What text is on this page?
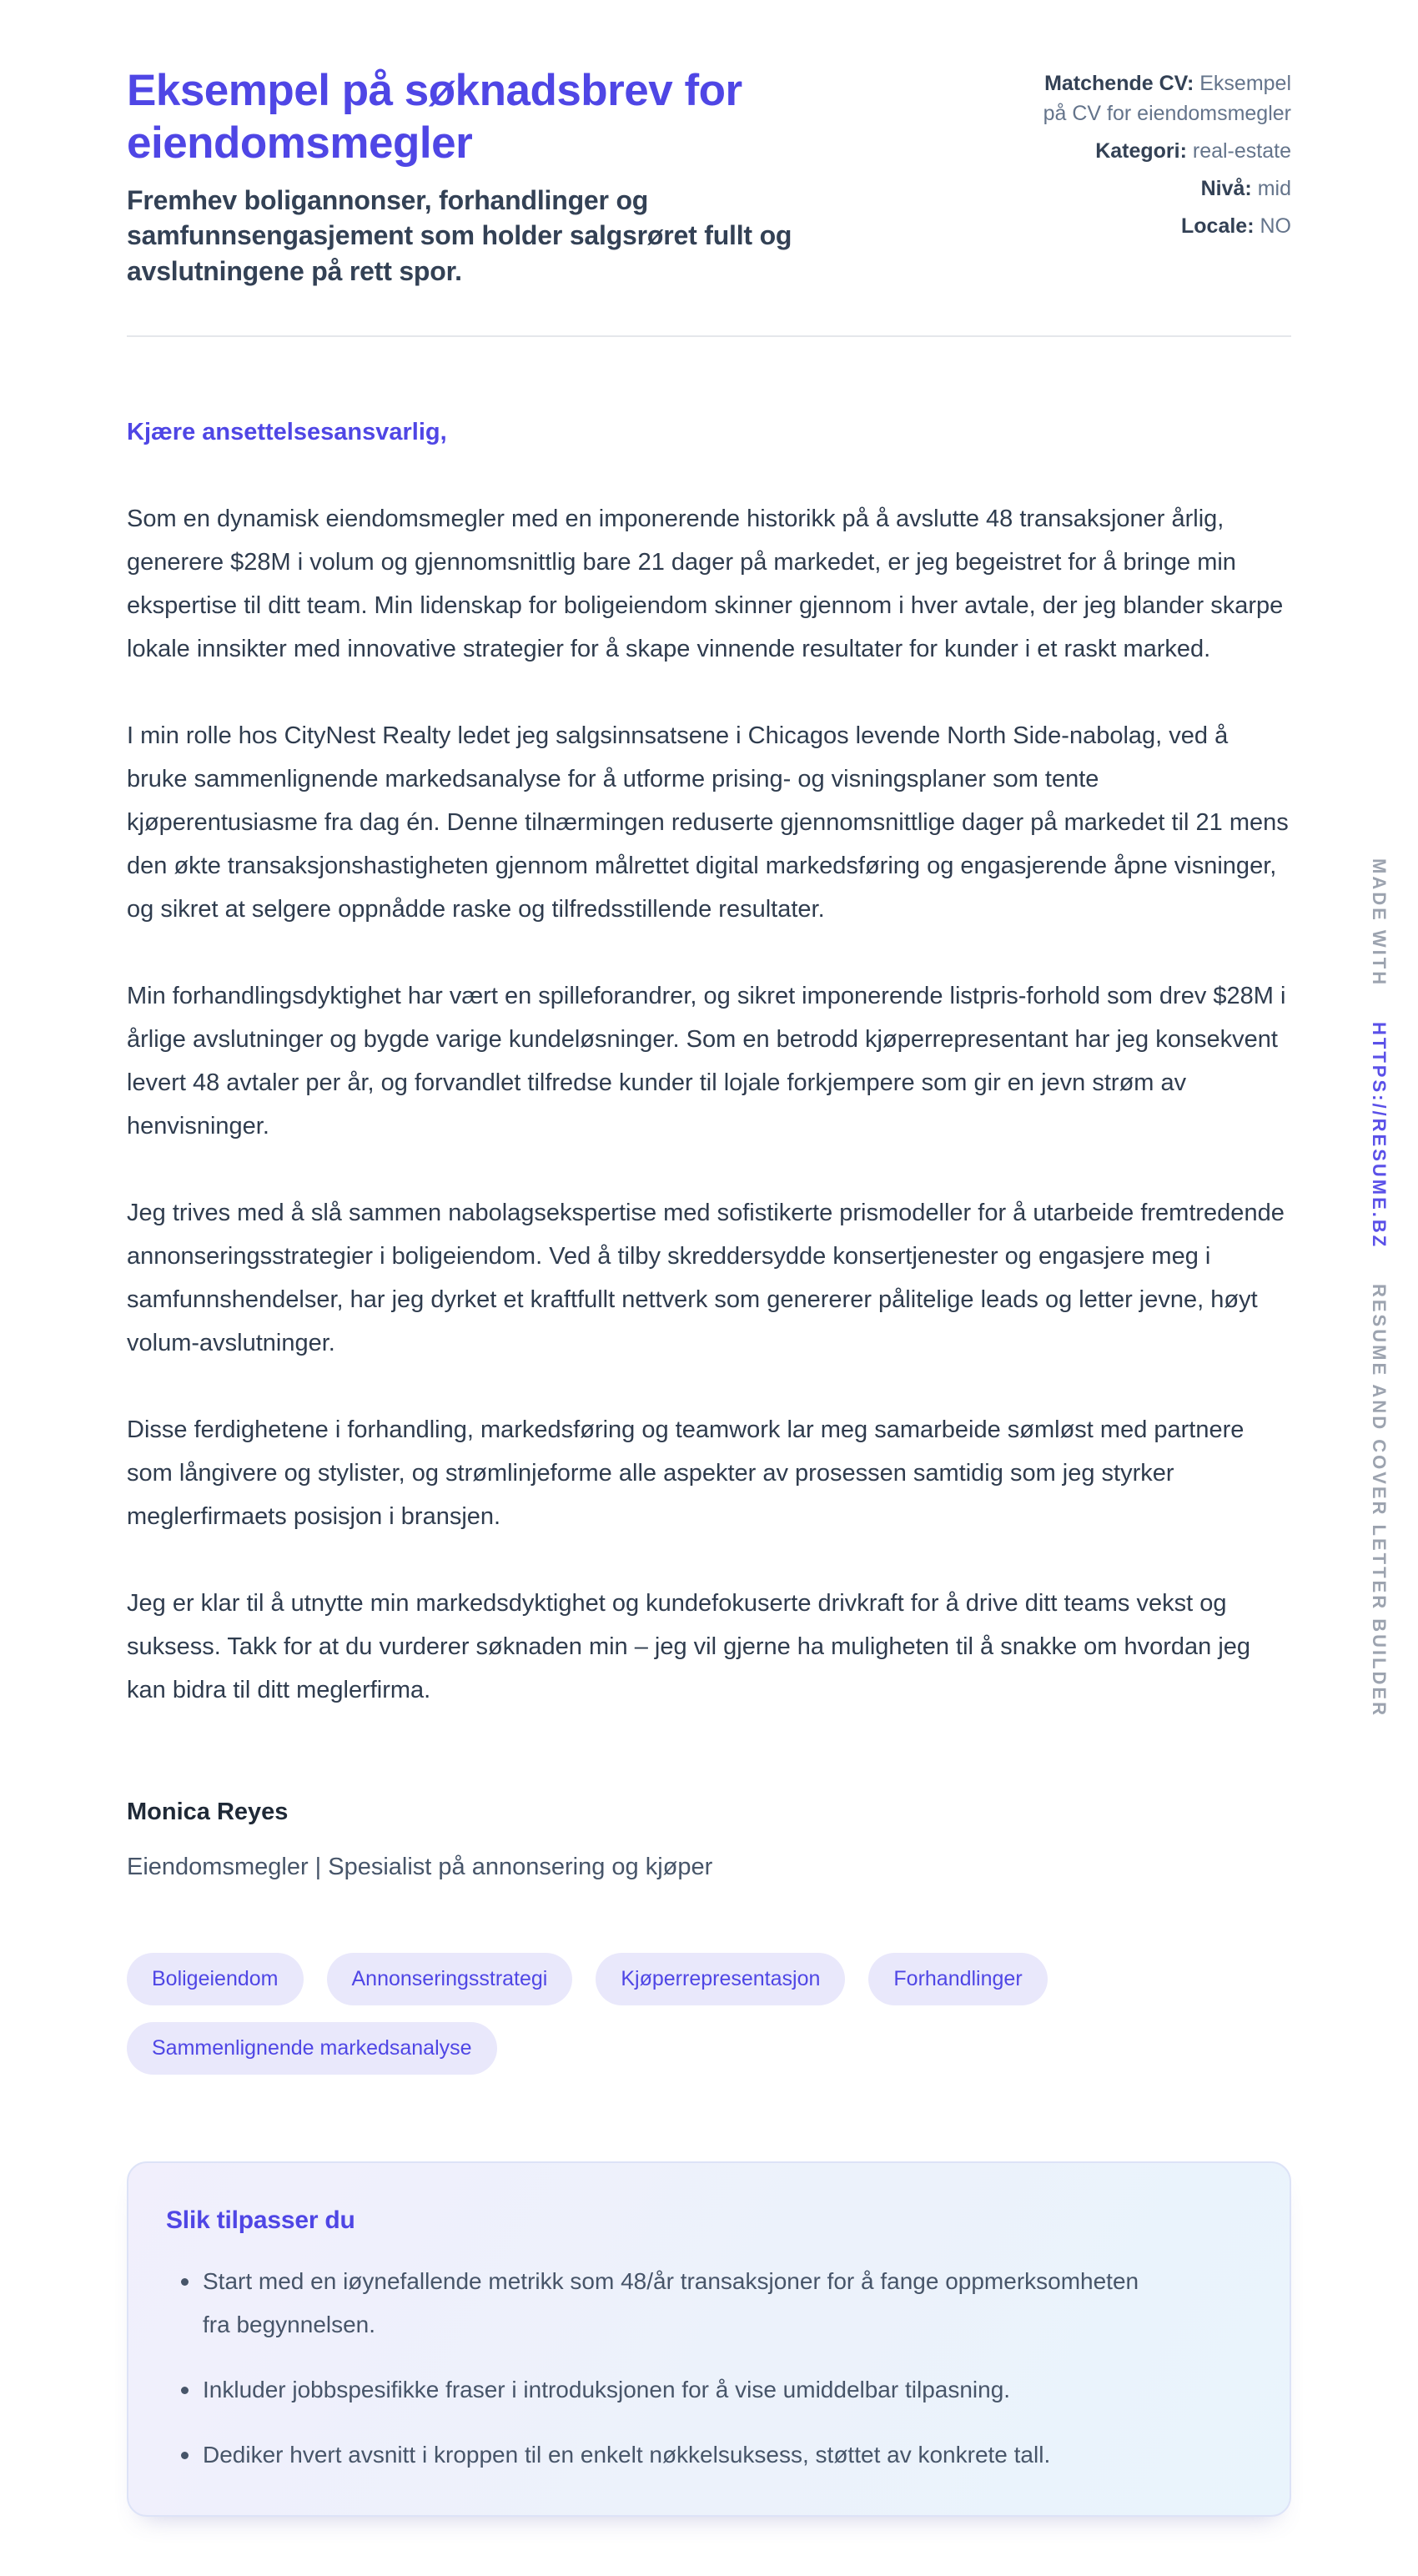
Eksempel på søknadsbrev for eiendomsmegler
Fremhev boligannonser, forhandlinger og samfunnsengasjement som holder salgsrøret fullt og avslutningene på rett spor.
Matchende CV: Eksempel på CV for eiendomsmegler
Kategori: real-estate
Nivå: mid
Locale: NO

Kjære ansettelsesansvarlig,

Som en dynamisk eiendomsmegler med en imponerende historikk på å avslutte 48 transaksjoner årlig, generere $28M i volum og gjennomsnittlig bare 21 dager på markedet, er jeg begeistret for å bringe min ekspertise til ditt team. Min lidenskap for boligeiendom skinner gjennom i hver avtale, der jeg blander skarpe lokale innsikter med innovative strategier for å skape vinnende resultater for kunder i et raskt marked.

I min rolle hos CityNest Realty ledet jeg salgsinnsatsene i Chicagos levende North Side-nabolag, ved å bruke sammenlignende markedsanalyse for å utforme prising- og visningsplaner som tente kjøperentusiasme fra dag én. Denne tilnærmingen reduserte gjennomsnittlige dager på markedet til 21 mens den økte transaksjonshastigheten gjennom målrettet digital markedsføring og engasjerende åpne visninger, og sikret at selgere oppnådde raske og tilfredsstillende resultater.

Min forhandlingsdyktighet har vært en spilleforandrer, og sikret imponerende listpris-forhold som drev $28M i årlige avslutninger og bygde varige kundeløsninger. Som en betrodd kjøperrepresentant har jeg konsekvent levert 48 avtaler per år, og forvandlet tilfredse kunder til lojale forkjempere som gir en jevn strøm av henvisninger.

Jeg trives med å slå sammen nabolagsekspertise med sofistikerte prismodeller for å utarbeide fremtredende annonseringsstrategier i boligeiendom. Ved å tilby skreddersydde konsertjenester og engasjere meg i samfunnshendelser, har jeg dyrket et kraftfullt nettverk som genererer pålitelige leads og letter jevne, høyt volum-avslutninger.

Disse ferdighetene i forhandling, markedsføring og teamwork lar meg samarbeide sømløst med partnere som långivere og stylister, og strømlinjeforme alle aspekter av prosessen samtidig som jeg styrker meglerfirmaets posisjon i bransjen.

Jeg er klar til å utnytte min markedsdyktighet og kundefokuserte drivkraft for å drive ditt teams vekst og suksess. Takk for at du vurderer søknaden min – jeg vil gjerne ha muligheten til å snakke om hvordan jeg kan bidra til ditt meglerfirma.

Monica Reyes

Eiendomsmegler | Spesialist på annonsering og kjøper

Boligeiendom	Annonseringsstrategi	Kjøperrepresentasjon	Forhandlinger
Sammenlignende markedsanalyse
Slik tilpasser du
Start med en iøynefallende metrikk som 48/år transaksjoner for å fange oppmerksomheten fra begynnelsen.
Inkluder jobbspesifikke fraser i introduksjonen for å vise umiddelbar tilpasning.
Dediker hvert avsnitt i kroppen til en enkelt nøkkelsuksess, støttet av konkrete tall.
MADE WITH
HTTPS://RESUME.BZ
RESUME AND COVER LETTER BUILDER
